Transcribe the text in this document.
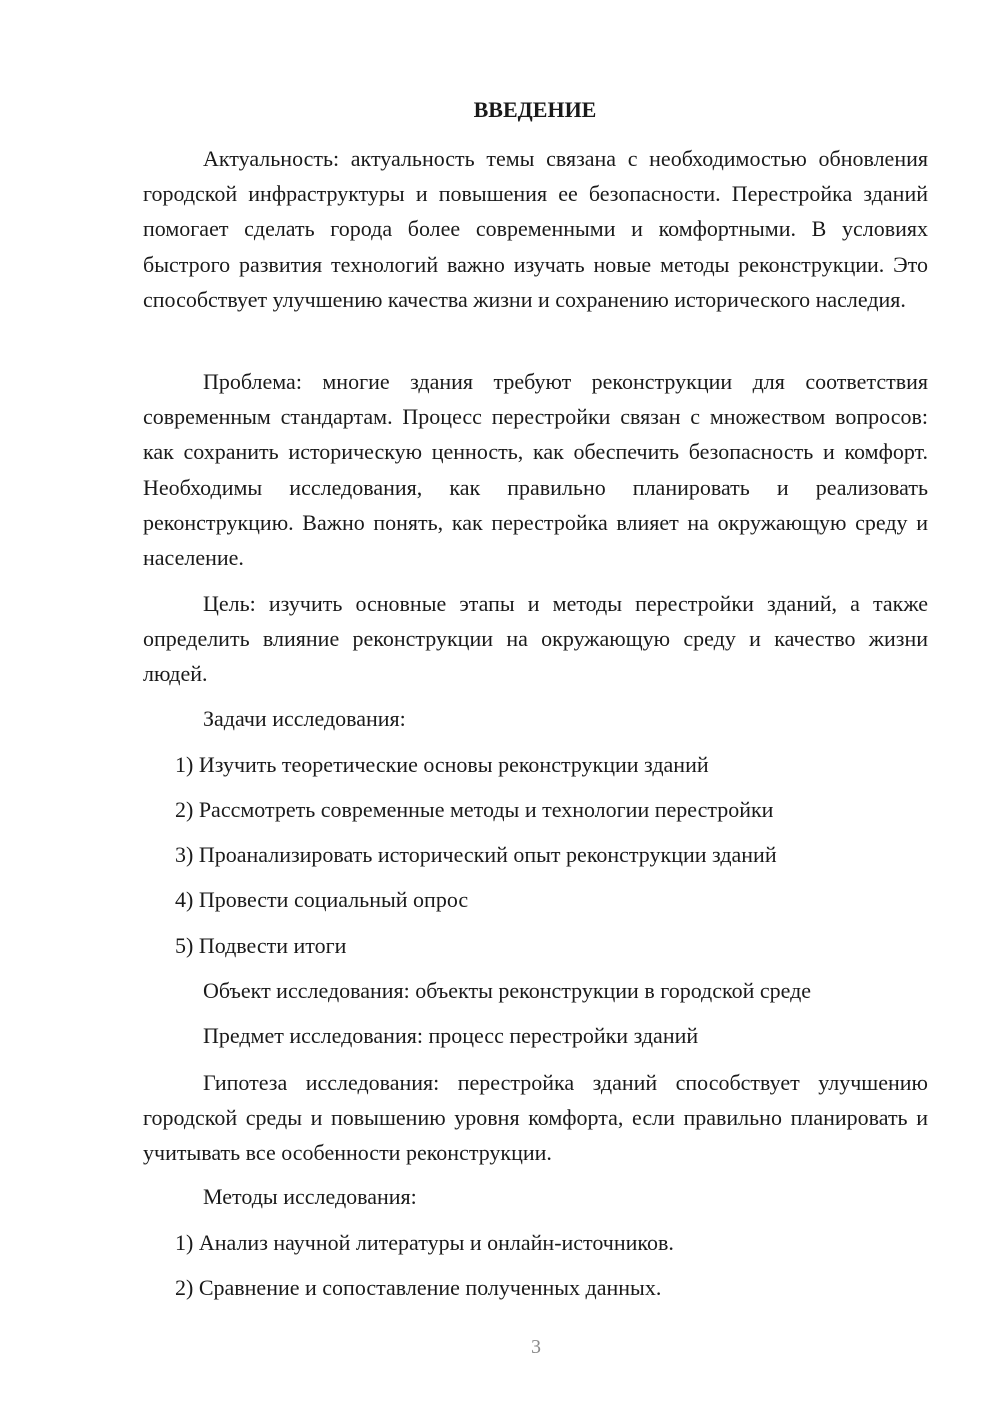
ВВЕДЕНИЕ

Актуальность: актуальность темы связана с необходимостью обновления городской инфраструктуры и повышения ее безопасности. Перестройка зданий помогает сделать города более современными и комфортными. В условиях быстрого развития технологий важно изучать новые методы реконструкции. Это способствует улучшению качества жизни и сохранению исторического наследия.

Проблема: многие здания требуют реконструкции для соответствия современным стандартам. Процесс перестройки связан с множеством вопросов: как сохранить историческую ценность, как обеспечить безопасность и комфорт. Необходимы исследования, как правильно планировать и реализовать реконструкцию. Важно понять, как перестройка влияет на окружающую среду и население.

Цель: изучить основные этапы и методы перестройки зданий, а также определить влияние реконструкции на окружающую среду и качество жизни людей.

Задачи исследования:

1) Изучить теоретические основы реконструкции зданий

2) Рассмотреть современные методы и технологии перестройки

3) Проанализировать исторический опыт реконструкции зданий

4) Провести социальный опрос

5) Подвести итоги

Объект исследования: объекты реконструкции в городской среде

Предмет исследования: процесс перестройки зданий

Гипотеза исследования: перестройка зданий способствует улучшению городской среды и повышению уровня комфорта, если правильно планировать и учитывать все особенности реконструкции.

Методы исследования:

1) Анализ научной литературы и онлайн-источников.

2) Сравнение и сопоставление полученных данных.

3
